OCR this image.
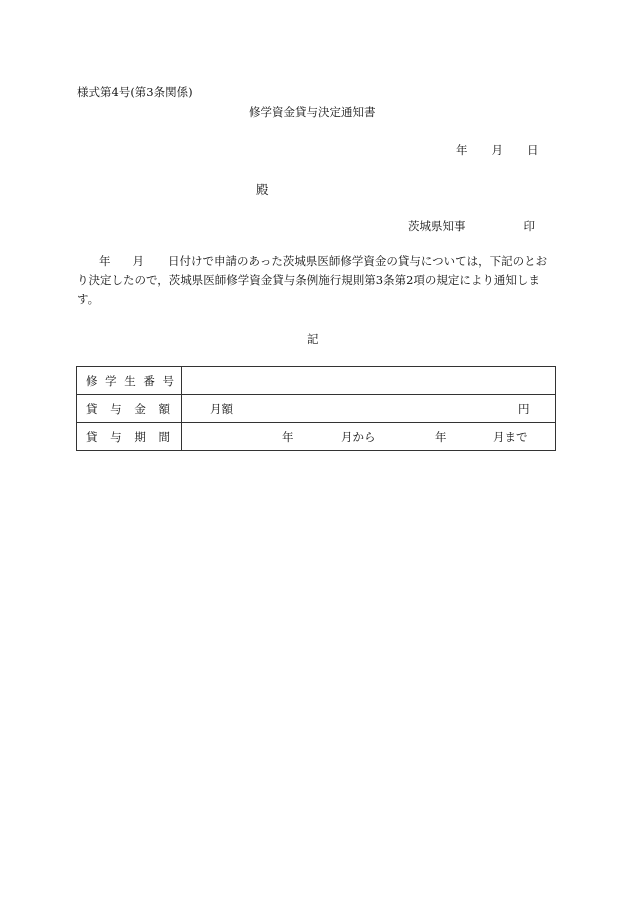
様式第4号(第3条関係)
修学資金貸与決定通知書
年 月 日
殿
茨城県知事	印
年 月 日付けで申請のあった茨城県医師修学資金の貸与については，下記のとおり決定したので，茨城県医師修学資金貸与条例施行規則第3条第2項の規定により通知します。
記
修 学 生 番 号	

貸 与 金 額	月額 円

貸 与 期 間	年 月から 年 月まで
